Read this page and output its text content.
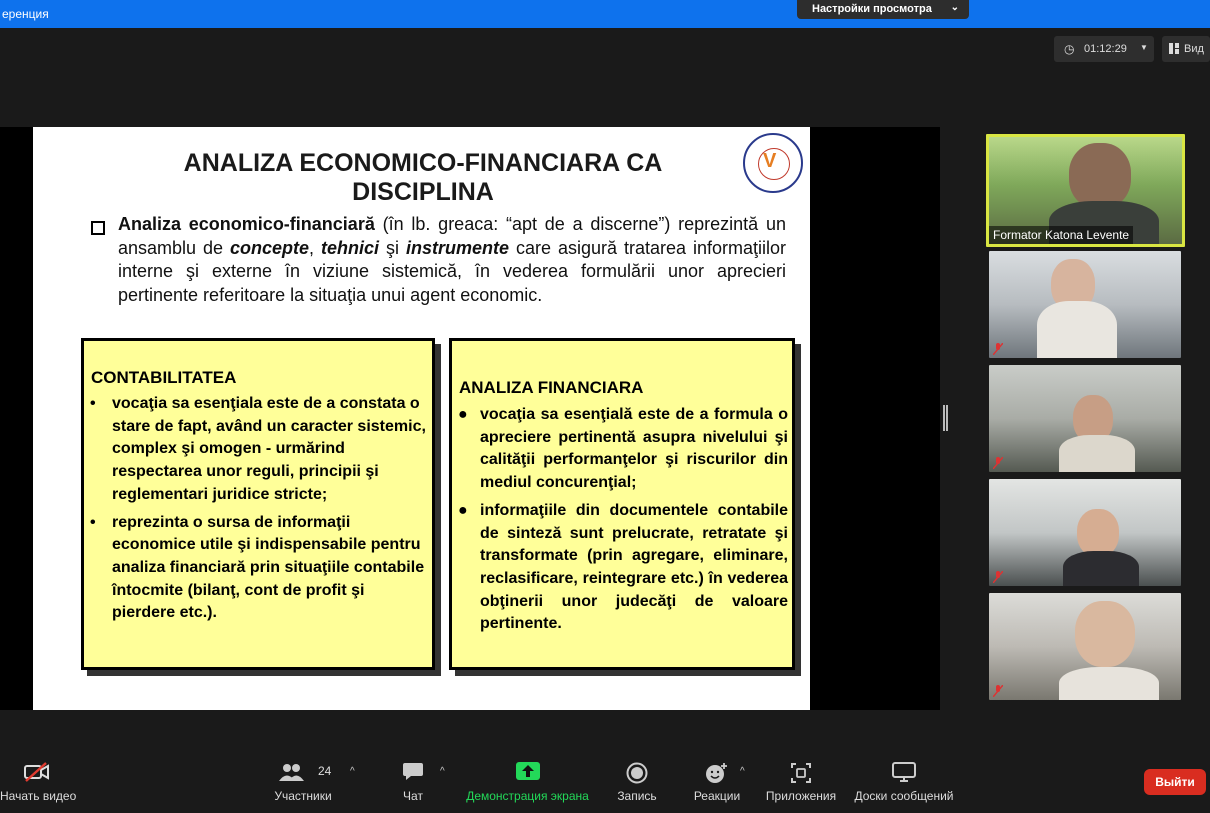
еренция	Настройки просмотра ⌄
◷ 01:12:29 ▼	Вид
ANALIZA ECONOMICO-FINANCIARA CA DISCIPLINA
V
Analiza economico-financiară (în lb. greaca: “apt de a discerne”) reprezintă un ansamblu de concepte, tehnici şi instrumente care asigură tratarea informaţiilor interne şi externe în viziune sistemică, în vederea formulării unor aprecieri pertinente referitoare la situaţia unui agent economic.
CONTABILITATEA
• vocaţia sa esenţiala este de a constata o stare de fapt, având un caracter sistemic, complex şi omogen - urmărind respectarea unor reguli, principii şi reglementari juridice stricte;
• reprezinta o sursa de informaţii economice utile şi indispensabile pentru analiza financiară prin situaţiile contabile întocmite (bilanţ, cont de profit şi pierdere etc.).
ANALIZA FINANCIARA
● vocaţia sa esenţială este de a formula o apreciere pertinentă asupra nivelului şi calităţii performanţelor şi riscurilor din mediul concurenţial;
● informaţiile din documentele contabile de sinteză sunt prelucrate, retratate şi transformate (prin agregare, eliminare, reclasificare, reintegrare etc.) în vederea obţinerii unor judecăţi de valoare pertinente.
Formator Katona Levente
Начать видео
24
Участники
^
Чат
^
Демонстрация экрана	Запись	Реакции
^
Приложения Доски сообщений
Выйти
